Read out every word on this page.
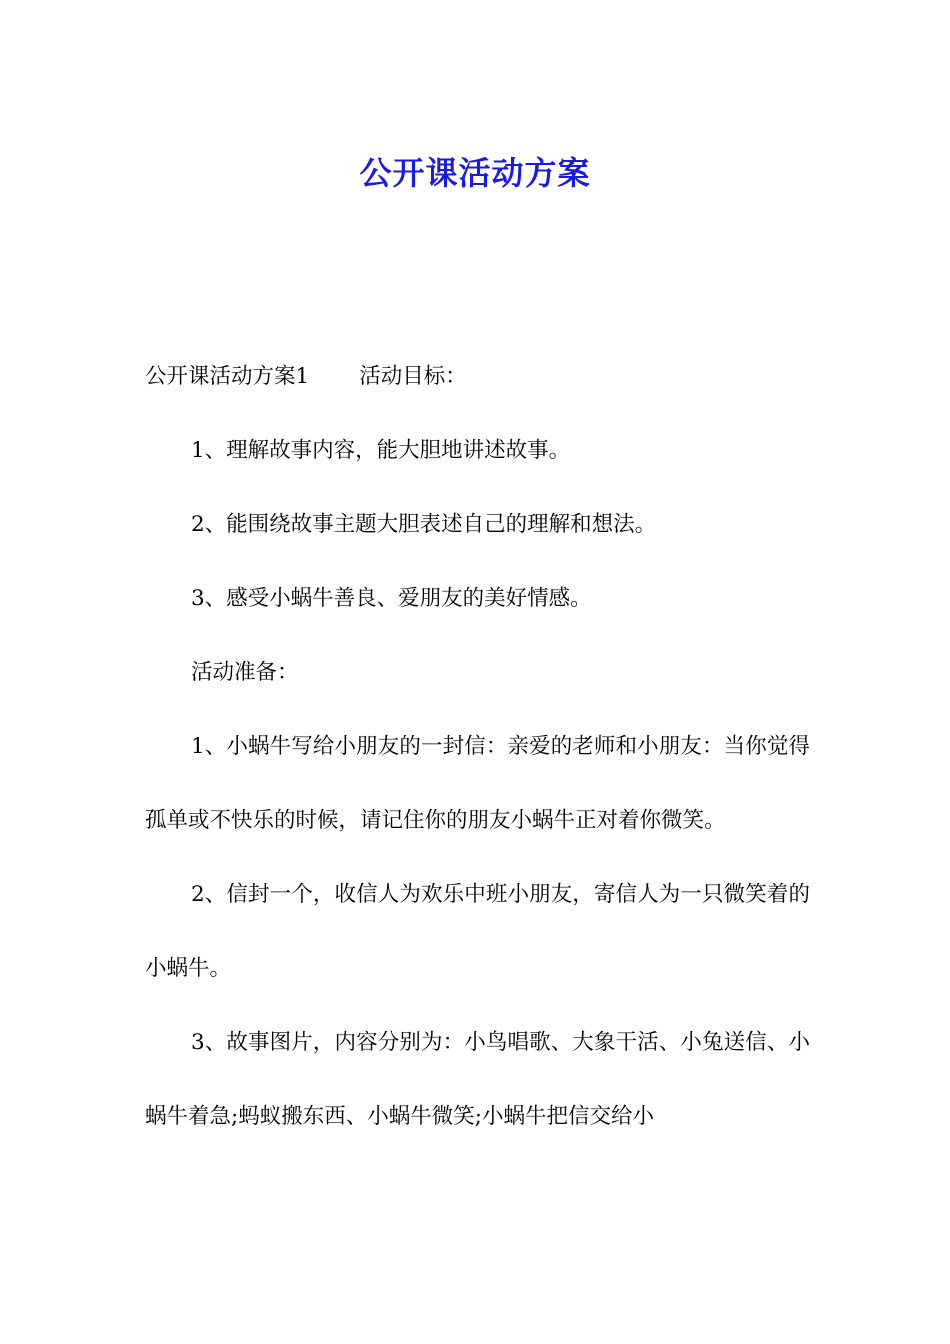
公开课活动方案

公开课活动方案1 活动目标：

1、理解故事内容，能大胆地讲述故事。

2、能围绕故事主题大胆表述自己的理解和想法。

3、感受小蜗牛善良、爱朋友的美好情感。

活动准备：

1、小蜗牛写给小朋友的一封信：亲爱的老师和小朋友：当你觉得孤单或不快乐的时候，请记住你的朋友小蜗牛正对着你微笑。

2、信封一个，收信人为欢乐中班小朋友，寄信人为一只微笑着的小蜗牛。

3、故事图片，内容分别为：小鸟唱歌、大象干活、小兔送信、小蜗牛着急;蚂蚁搬东西、小蜗牛微笑;小蜗牛把信交给小
